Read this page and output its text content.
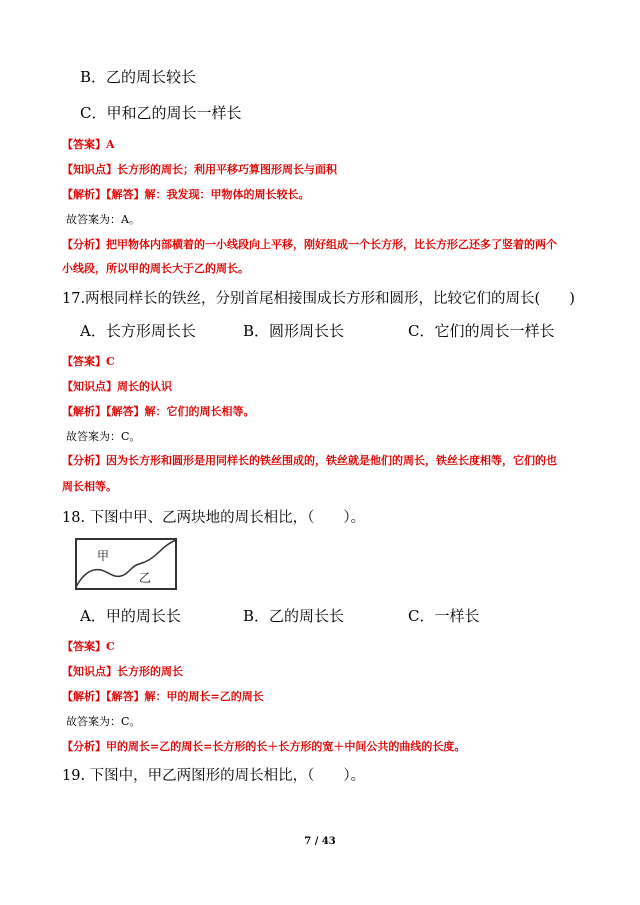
B．乙的周长较长
C．甲和乙的周长一样长
【答案】A
【知识点】长方形的周长；利用平移巧算图形周长与面积
【解析】【解答】解：我发现：甲物体的周长较长。
故答案为：A。
【分析】把甲物体内部横着的一小线段向上平移，刚好组成一个长方形，比长方形乙还多了竖着的两个
小线段，所以甲的周长大于乙的周长。
17.两根同样长的铁丝，分别首尾相接围成长方形和圆形，比较它们的周长(　　)
A．长方形周长长	B．圆形周长长	C．它们的周长一样长
【答案】C
【知识点】周长的认识
【解析】【解答】解：它们的周长相等。
故答案为：C。
【分析】因为长方形和圆形是用同样长的铁丝围成的，铁丝就是他们的周长，铁丝长度相等，它们的也
周长相等。
18. 下图中甲、乙两块地的周长相比，（　　）。
甲
乙
A．甲的周长长	B．乙的周长长	C．一样长
【答案】C
【知识点】长方形的周长
【解析】【解答】解：甲的周长=乙的周长
故答案为：C。
【分析】甲的周长=乙的周长=长方形的长＋长方形的宽＋中间公共的曲线的长度。
19. 下图中，甲乙两图形的周长相比，（　　）。
7 / 43
